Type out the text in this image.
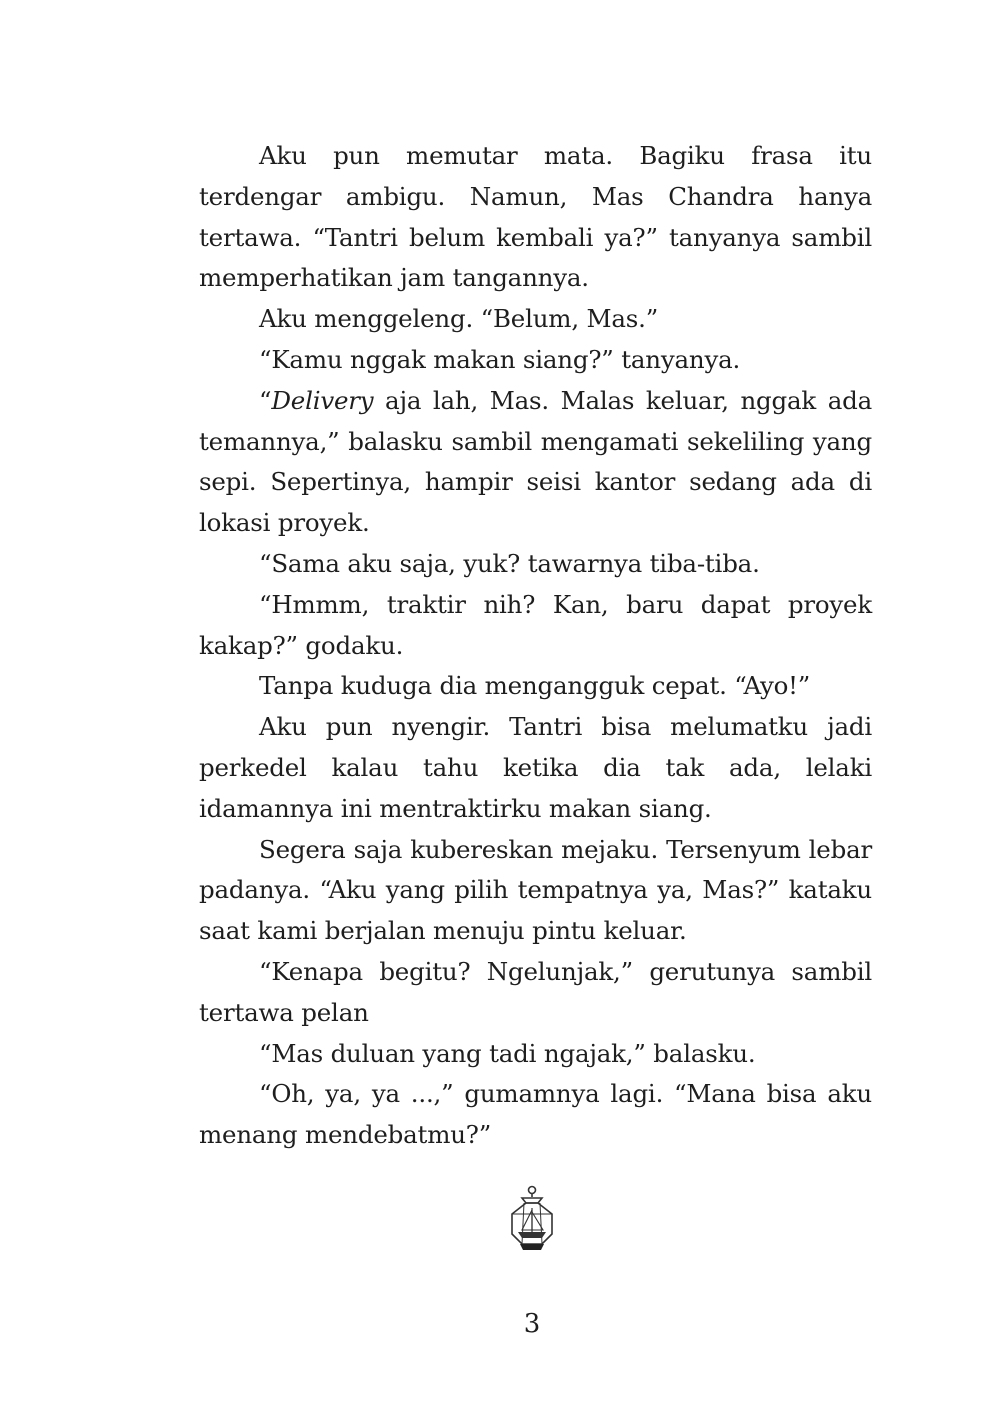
Aku pun memutar mata. Bagiku frasa itu terdengar ambigu. Namun, Mas Chandra hanya tertawa. “Tantri belum kembali ya?” tanyanya sambil memperhatikan jam tangannya.

Aku menggeleng. “Belum, Mas.”

“Kamu nggak makan siang?” tanyanya.

“Delivery aja lah, Mas. Malas keluar, nggak ada temannya,” balasku sambil mengamati sekeliling yang sepi. Sepertinya, hampir seisi kantor sedang ada di lokasi proyek.

“Sama aku saja, yuk? tawarnya tiba-tiba.

“Hmmm, traktir nih? Kan, baru dapat proyek kakap?” godaku.

Tanpa kuduga dia mengangguk cepat. “Ayo!”

Aku pun nyengir. Tantri bisa melumatku jadi perkedel kalau tahu ketika dia tak ada, lelaki idamannya ini mentraktirku makan siang.

Segera saja kubereskan mejaku. Tersenyum lebar padanya. “Aku yang pilih tempatnya ya, Mas?” kataku saat kami berjalan menuju pintu keluar.

“Kenapa begitu? Ngelunjak,” gerutunya sambil tertawa pelan

“Mas duluan yang tadi ngajak,” balasku.

“Oh, ya, ya ...,” gumamnya lagi. “Mana bisa aku menang mendebatmu?”

3
